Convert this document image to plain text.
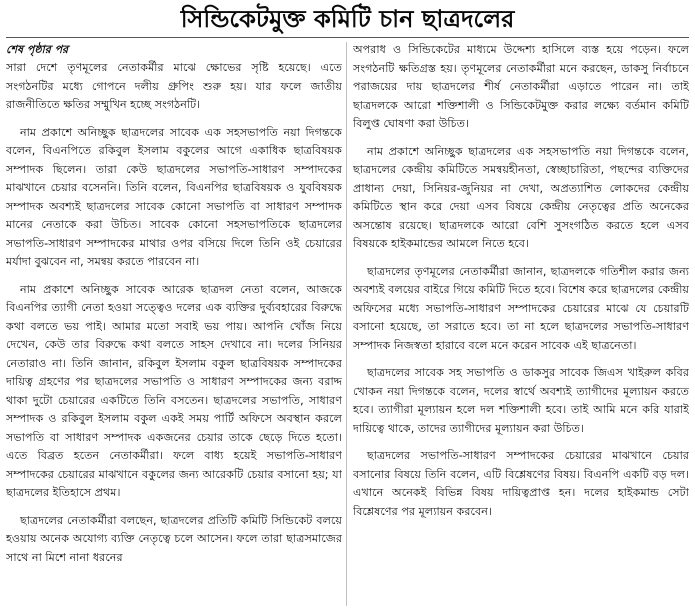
সিন্ডিকেটমুক্ত কমিটি চান ছাত্রদলের
শেষ পৃষ্ঠার পর

সারা দেশে তৃণমূলের নেতাকর্মীর মাঝে ক্ষোভের সৃষ্টি হয়েছে। এতে সংগঠনটির মধ্যে গোপনে দলীয় গ্রুপিং শুরু হয়। যার ফলে জাতীয় রাজনীতিতে ক্ষতির সম্মুখিন হচ্ছে সংগঠনটি।

নাম প্রকাশে অনিচ্ছুক ছাত্রদলের সাবেক এক সহসভাপতি নয়া দিগন্তকে বলেন, বিএনপিতে রকিবুল ইসলাম বকুলের আগে একাধিক ছাত্রবিষয়ক সম্পাদক ছিলেন। তারা কেউ ছাত্রদলের সভাপতি-সাধারণ সম্পাদকের মাঝখানে চেয়ার বসেননি। তিনি বলেন, বিএনপির ছাত্রবিষয়ক ও যুববিষয়ক সম্পাদক অবশ্যই ছাত্রদলের সাবেক কোনো সভাপতি বা সাধারণ সম্পাদক মানের নেতাকে করা উচিত। সাবেক কোনো সহসভাপতিকে ছাত্রদলের সভাপতি-সাধারণ সম্পাদকের মাথার ওপর বসিয়ে দিলে তিনি ওই চেয়ারের মর্যাদা বুঝবেন না, সমন্বয় করতে পারবেন না।

নাম প্রকাশে অনিচ্ছুক সাবেক আরেক ছাত্রদল নেতা বলেন, আজকে বিএনপির ত্যাগী নেতা হওয়া সত্ত্বেও দলের এক ব্যক্তির দুর্ব্যবহারের বিরুদ্ধে কথা বলতে ভয় পাই। আমার মতো সবাই ভয় পায়। আপনি খোঁজ নিয়ে দেখেন, কেউ তার বিরুদ্ধে কথা বলতে সাহস দেখাবে না। দলের সিনিয়র নেতারাও না। তিনি জানান, রকিবুল ইসলাম বকুল ছাত্রবিষয়ক সম্পাদকের দায়িত্ব গ্রহণের পর ছাত্রদলের সভাপতি ও সাধারণ সম্পাদকের জন্য বরাদ্দ থাকা দুটো চেয়ারের একটিতে তিনি বসতেন। ছাত্রদলের সভাপতি, সাধারণ সম্পাদক ও রকিবুল ইসলাম বকুল একই সময় পার্টি অফিসে অবস্থান করলে সভাপতি বা সাধারণ সম্পাদক একজনের চেয়ার তাকে ছেড়ে দিতে হতো। এতে বিব্রত হতেন নেতাকর্মীরা। ফলে বাধ্য হয়েই সভাপতি-সাধারণ সম্পাদকের চেয়ারের মাঝখানে বকুলের জন্য আরেকটি চেয়ার বসানো হয়; যা ছাত্রদলের ইতিহাসে প্রথম।

ছাত্রদলের নেতাকর্মীরা বলছেন, ছাত্রদলের প্রতিটি কমিটি সিন্ডিকেট বলয়ে হওয়ায় অনেক অযোগ্য ব্যক্তি নেতৃত্বে চলে আসেন। ফলে তারা ছাত্রসমাজের সাথে না মিশে নানা ধরনের

অপরাধ ও সিন্ডিকেটের মাধ্যমে উদ্দেশ্য হাসিলে ব্যস্ত হয়ে পড়েন। ফলে সংগঠনটি ক্ষতিগ্রস্ত হয়। তৃণমূলের নেতাকর্মীরা মনে করছেন, ডাকসু নির্বাচনে পরাজয়ের দায় ছাত্রদলের শীর্ষ নেতাকর্মীরা এড়াতে পারেন না। তাই ছাত্রদলকে আরো শক্তিশালী ও সিন্ডিকেটমুক্ত করার লক্ষ্যে বর্তমান কমিটি বিলুপ্ত ঘোষণা করা উচিত।

নাম প্রকাশে অনিচ্ছুক ছাত্রদলের এক সহসভাপতি নয়া দিগন্তকে বলেন, ছাত্রদলের কেন্দ্রীয় কমিটিতে সমন্বয়হীনতা, স্বেচ্ছাচারিতা, পছন্দের ব্যক্তিদের প্রাধান্য দেয়া, সিনিয়র-জুনিয়র না দেখা, অপ্রত্যাশিত লোকদের কেন্দ্রীয় কমিটিতে স্থান করে দেয়া এসব বিষয়ে কেন্দ্রীয় নেতৃত্বের প্রতি অনেকের অসন্তোষ রয়েছে। ছাত্রদলকে আরো বেশি সুসংগঠিত করতে হলে এসব বিষয়কে হাইকমান্ডের আমলে নিতে হবে।

ছাত্রদলের তৃণমূলের নেতাকর্মীরা জানান, ছাত্রদলকে গতিশীল করার জন্য অবশ্যই বলয়ের বাইরে গিয়ে কমিটি দিতে হবে। বিশেষ করে ছাত্রদলের কেন্দ্রীয় অফিসের মধ্যে সভাপতি-সাধারণ সম্পাদকের চেয়ারের মাঝে যে চেয়ারটি বসানো হয়েছে, তা সরাতে হবে। তা না হলে ছাত্রদলের সভাপতি-সাধারণ সম্পাদক নিজস্বতা হারাবে বলে মনে করেন সাবেক এই ছাত্রনেতা।

ছাত্রদলের সাবেক সহ সভাপতি ও ডাকসুর সাবেক জিএস খাইরুল কবির খোকন নয়া দিগন্তকে বলেন, দলের স্বার্থে অবশ্যই ত্যাগীদের মূল্যায়ন করতে হবে। ত্যাগীরা মূল্যায়ন হলে দল শক্তিশালী হবে। তাই আমি মনে করি যারাই দায়িত্বে থাকে, তাদের ত্যাগীদের মূল্যায়ন করা উচিত।

ছাত্রদলের সভাপতি-সাধারণ সম্পাদকের চেয়ারের মাঝখানে চেয়ার বসানোর বিষয়ে তিনি বলেন, এটি বিশ্লেষণের বিষয়। বিএনপি একটি বড় দল। এখানে অনেকই বিভিন্ন বিষয় দায়িত্বপ্রাপ্ত হন। দলের হাইকমান্ড সেটা বিশ্লেষণের পর মূল্যায়ন করবেন।
